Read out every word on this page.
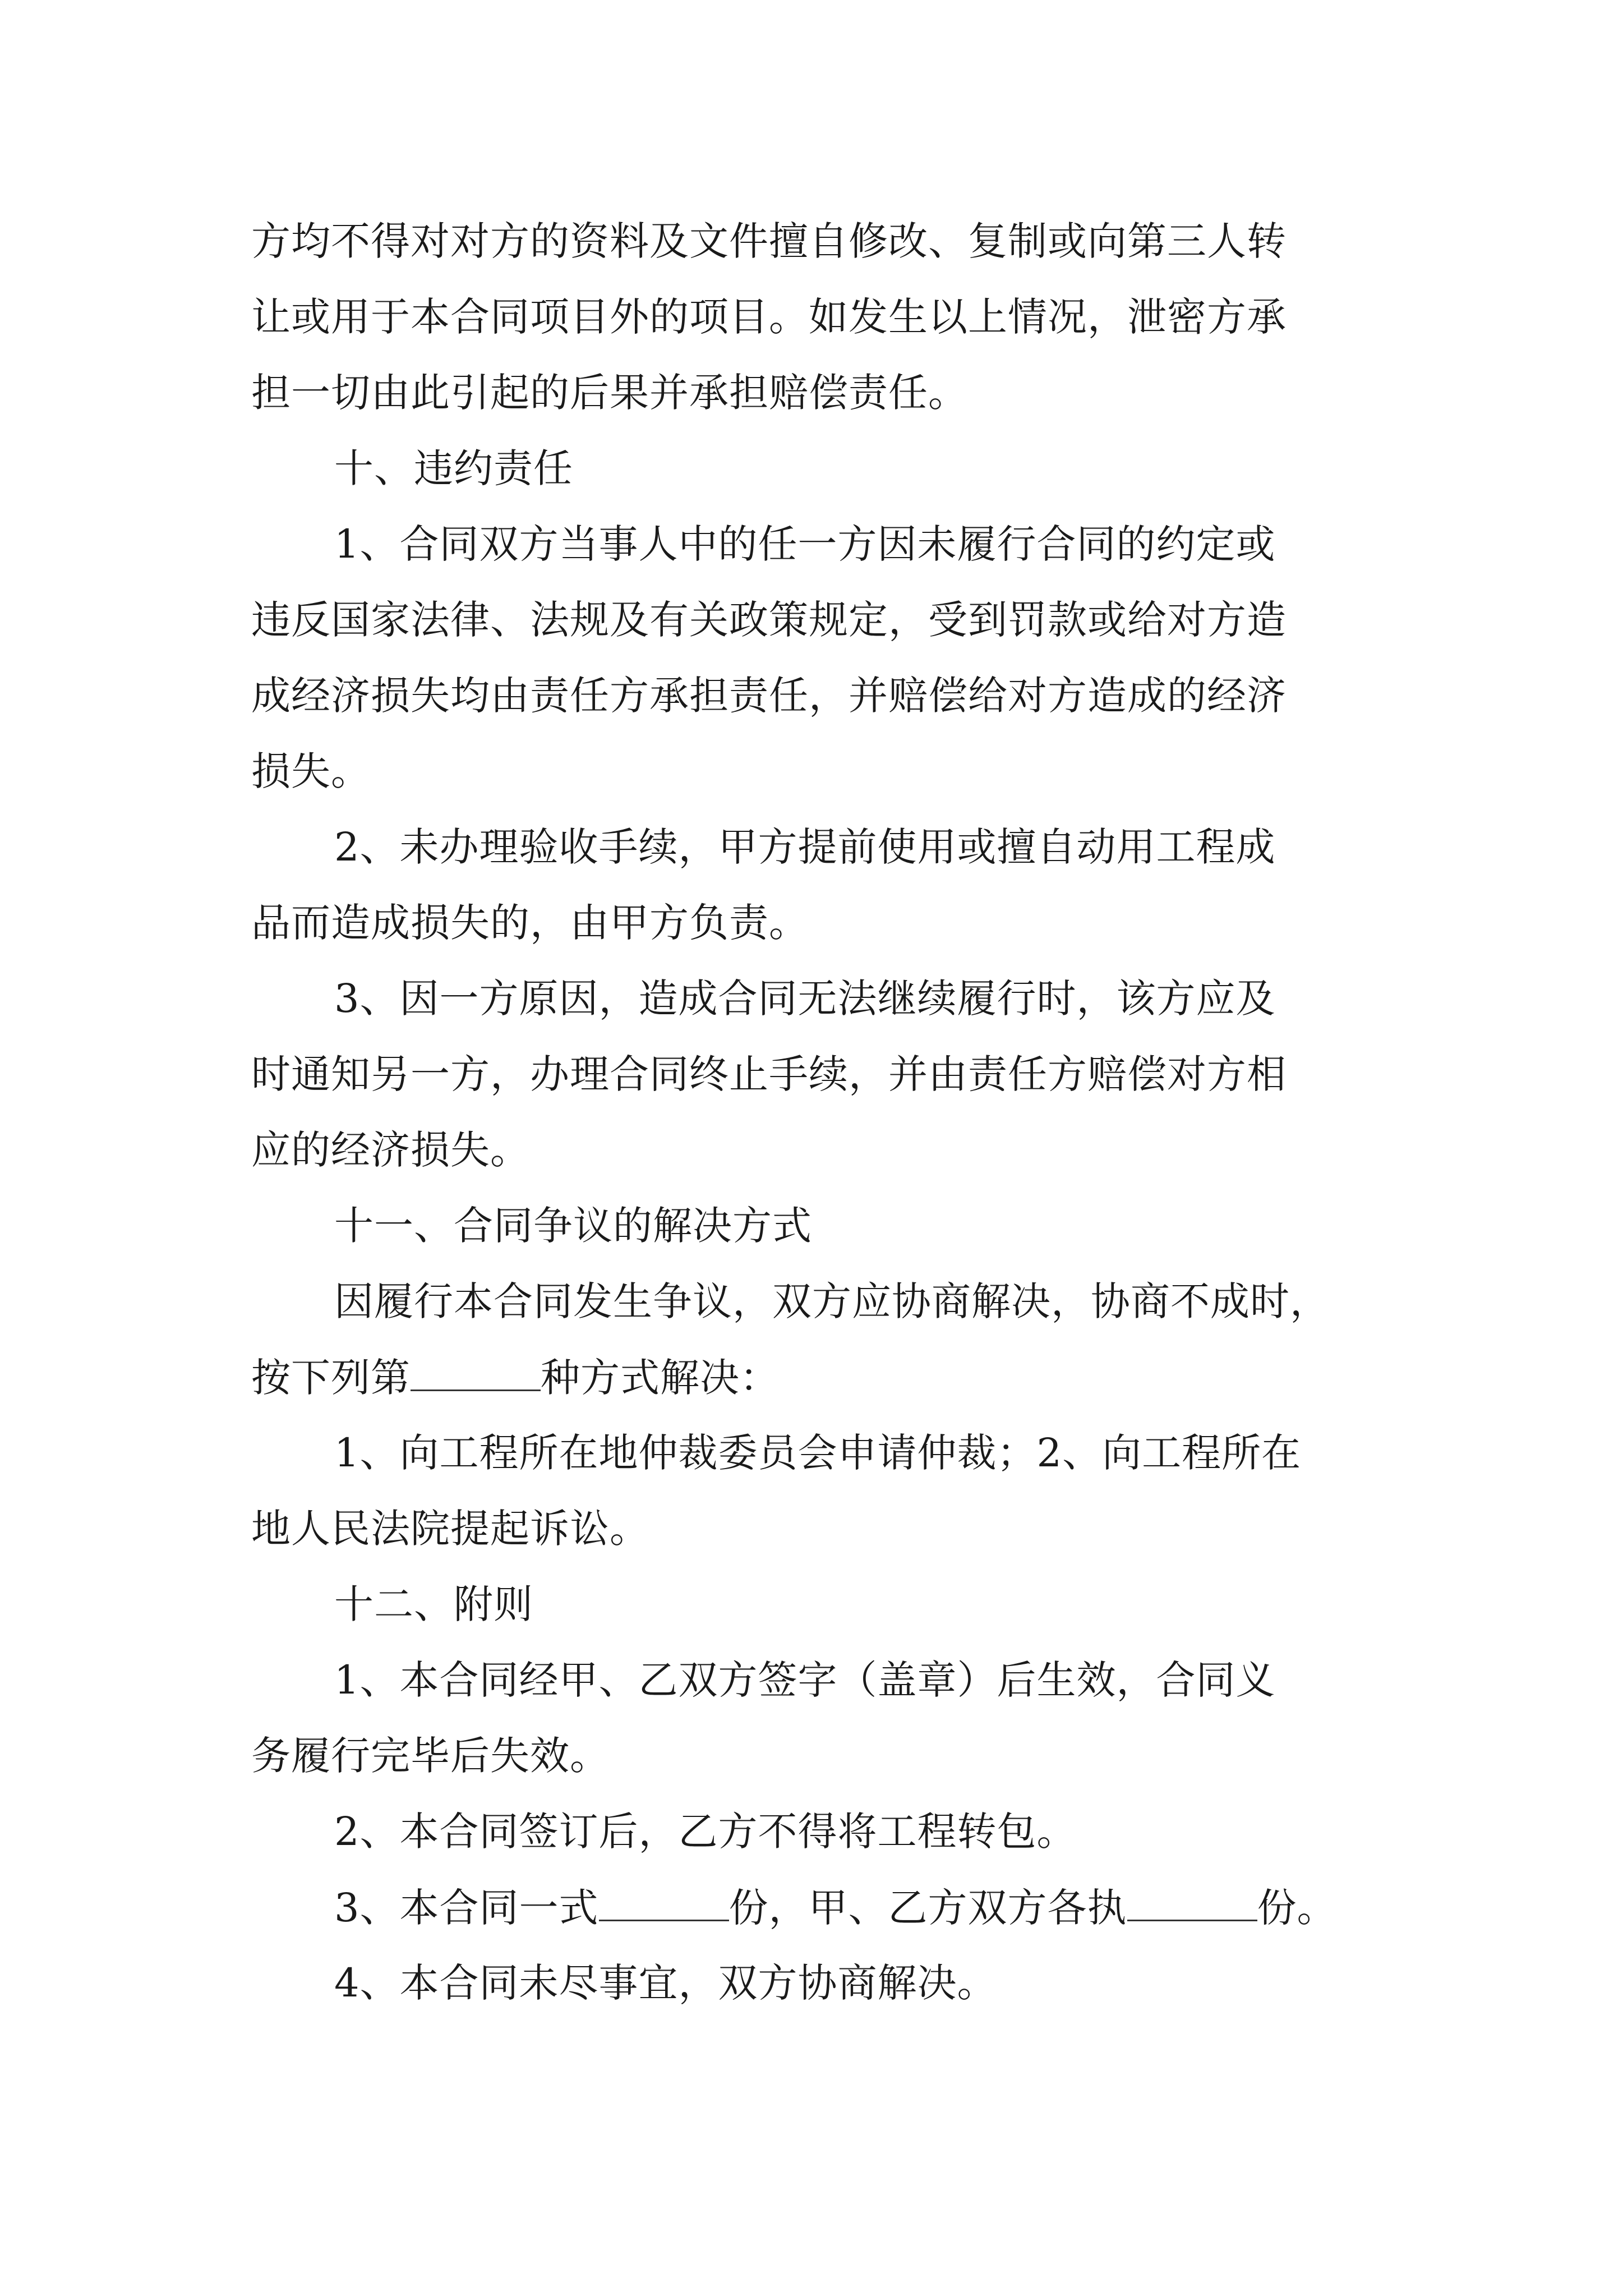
方均不得对对方的资料及文件擅自修改、复制或向第三人转
让或用于本合同项目外的项目。如发生以上情况，泄密方承
担一切由此引起的后果并承担赔偿责任。
十、违约责任
1、合同双方当事人中的任一方因未履行合同的约定或
违反国家法律、法规及有关政策规定，受到罚款或给对方造
成经济损失均由责任方承担责任，并赔偿给对方造成的经济
损失。
2、未办理验收手续，甲方提前使用或擅自动用工程成
品而造成损失的，由甲方负责。
3、因一方原因，造成合同无法继续履行时，该方应及
时通知另一方，办理合同终止手续，并由责任方赔偿对方相
应的经济损失。
十一、合同争议的解决方式
因履行本合同发生争议，双方应协商解决，协商不成时，
按下列第	种方式解决：
1、向工程所在地仲裁委员会申请仲裁；2、向工程所在
地人民法院提起诉讼。
十二、附则
1、本合同经甲、乙双方签字（盖章）后生效，合同义
务履行完毕后失效。
2、本合同签订后，乙方不得将工程转包。
3、本合同一式	份，甲、乙方双方各执	份。
4、本合同未尽事宜，双方协商解决。
